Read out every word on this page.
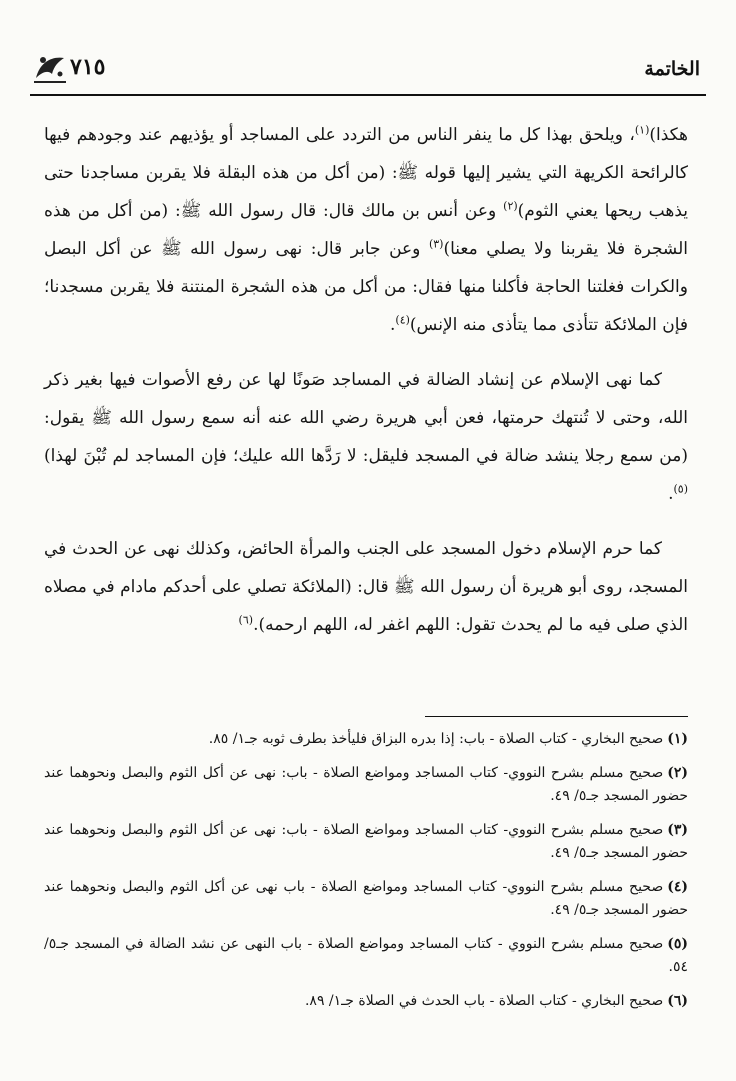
الخاتمة
٧١٥

هكذا)$^{(١)}$، ويلحق بهذا كل ما ينفر الناس من التردد على المساجد أو يؤذيهم عند وجودهم فيها كالرائحة الكريهة التي يشير إليها قوله ﷺ: (من أكل من هذه البقلة فلا يقربن مساجدنا حتى يذهب ريحها يعني الثوم)$^{(٢)}$ وعن أنس بن مالك قال: قال رسول الله ﷺ: (من أكل من هذه الشجرة فلا يقربنا ولا يصلي معنا)$^{(٣)}$ وعن جابر قال: نهى رسول الله ﷺ عن أكل البصل والكرات فغلتنا الحاجة فأكلنا منها فقال: من أكل من هذه الشجرة المنتنة فلا يقربن مسجدنا؛ فإن الملائكة تتأذى مما يتأذى منه الإنس)$^{(٤)}$.

كما نهى الإسلام عن إنشاد الضالة في المساجد صَونًا لها عن رفع الأصوات فيها بغير ذكر الله، وحتى لا تُنتهك حرمتها، فعن أبي هريرة رضي الله عنه أنه سمع رسول الله ﷺ يقول: (من سمع رجلا ينشد ضالة في المسجد فليقل: لا رَدَّها الله عليك؛ فإن المساجد لم تُبْنَ لهذا)$^{(٥)}$.

كما حرم الإسلام دخول المسجد على الجنب والمرأة الحائض، وكذلك نهى عن الحدث في المسجد، روى أبو هريرة أن رسول الله ﷺ قال: (الملائكة تصلي على أحدكم مادام في مصلاه الذي صلى فيه ما لم يحدث تقول: اللهم اغفر له، اللهم ارحمه).$^{(٦)}$

(١)صحيح البخاري - كتاب الصلاة - باب: إذا بدره البزاق فليأخذ بطرف ثوبه جـ١/ ٨٥.

(٢)صحيح مسلم بشرح النووي- كتاب المساجد ومواضع الصلاة - باب: نهى عن أكل الثوم والبصل ونحوهما عند حضور المسجد جـ٥/ ٤٩.

(٣)صحيح مسلم بشرح النووي- كتاب المساجد ومواضع الصلاة - باب: نهى عن أكل الثوم والبصل ونحوهما عند حضور المسجد جـ٥/ ٤٩.

(٤)صحيح مسلم بشرح النووي- كتاب المساجد ومواضع الصلاة - باب نهى عن أكل الثوم والبصل ونحوهما عند حضور المسجد جـ٥/ ٤٩.

(٥)صحيح مسلم بشرح النووي - كتاب المساجد ومواضع الصلاة - باب النهى عن نشد الضالة في المسجد جـ٥/ ٥٤.

(٦)صحيح البخاري - كتاب الصلاة - باب الحدث في الصلاة جـ١/ ٨٩.
